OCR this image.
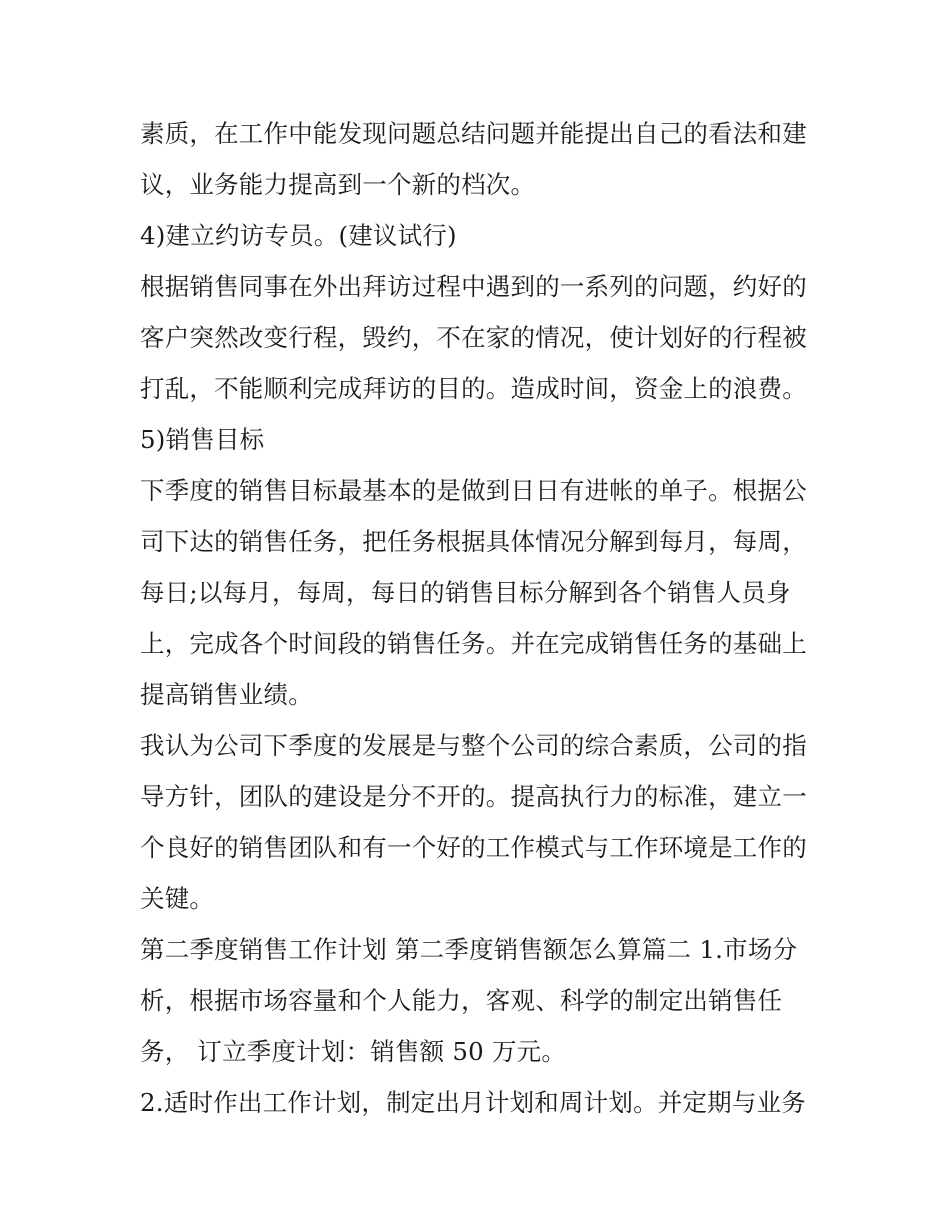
素质，在工作中能发现问题总结问题并能提出自己的看法和建
议，业务能力提高到一个新的档次。
4)建立约访专员。(建议试行)
根据销售同事在外出拜访过程中遇到的一系列的问题，约好的
客户突然改变行程，毁约，不在家的情况，使计划好的行程被
打乱，不能顺利完成拜访的目的。造成时间，资金上的浪费。
5)销售目标
下季度的销售目标最基本的是做到日日有进帐的单子。根据公
司下达的销售任务，把任务根据具体情况分解到每月，每周，
每日;以每月，每周，每日的销售目标分解到各个销售人员身
上，完成各个时间段的销售任务。并在完成销售任务的基础上
提高销售业绩。
我认为公司下季度的发展是与整个公司的综合素质，公司的指
导方针，团队的建设是分不开的。提高执行力的标准，建立一
个良好的销售团队和有一个好的工作模式与工作环境是工作的
关键。
第二季度销售工作计划 第二季度销售额怎么算篇二 1.市场分
析，根据市场容量和个人能力，客观、科学的制定出销售任
务， 订立季度计划：销售额 50 万元。
2.适时作出工作计划，制定出月计划和周计划。并定期与业务
